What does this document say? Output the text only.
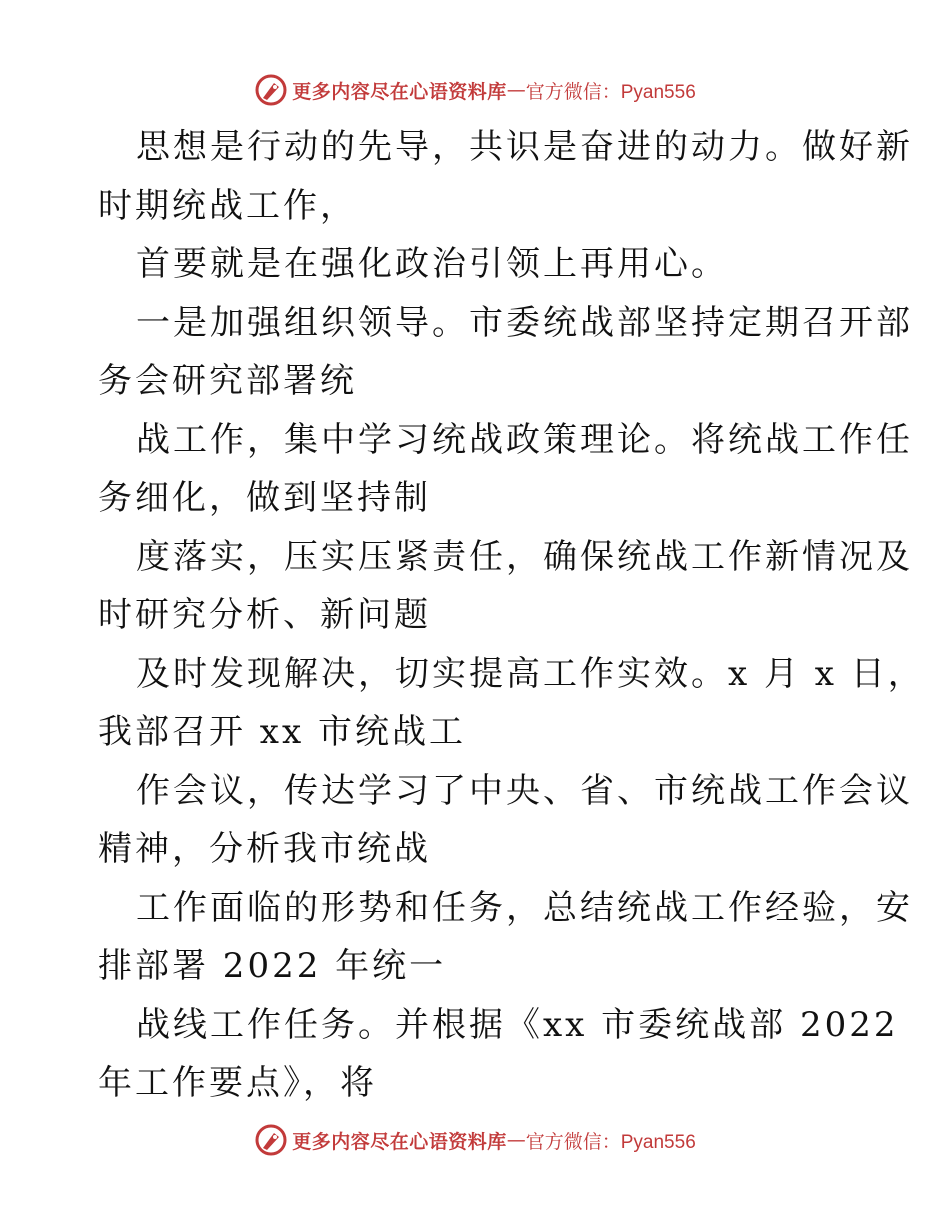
更多内容尽在心语资料库 — 官方微信：Pyan556
思想是行动的先导，共识是奋进的动力。做好新
时期统战工作，
首要就是在强化政治引领上再用心。
一是加强组织领导。市委统战部坚持定期召开部
务会研究部署统
战工作，集中学习统战政策理论。将统战工作任
务细化，做到坚持制
度落实，压实压紧责任，确保统战工作新情况及
时研究分析、新问题
及时发现解决，切实提高工作实效。x 月 x 日，
我部召开 xx 市统战工
作会议，传达学习了中央、省、市统战工作会议
精神，分析我市统战
工作面临的形势和任务，总结统战工作经验，安
排部署 2022 年统一
战线工作任务。并根据《xx 市委统战部 2022
年工作要点》，将
更多内容尽在心语资料库 — 官方微信：Pyan556
